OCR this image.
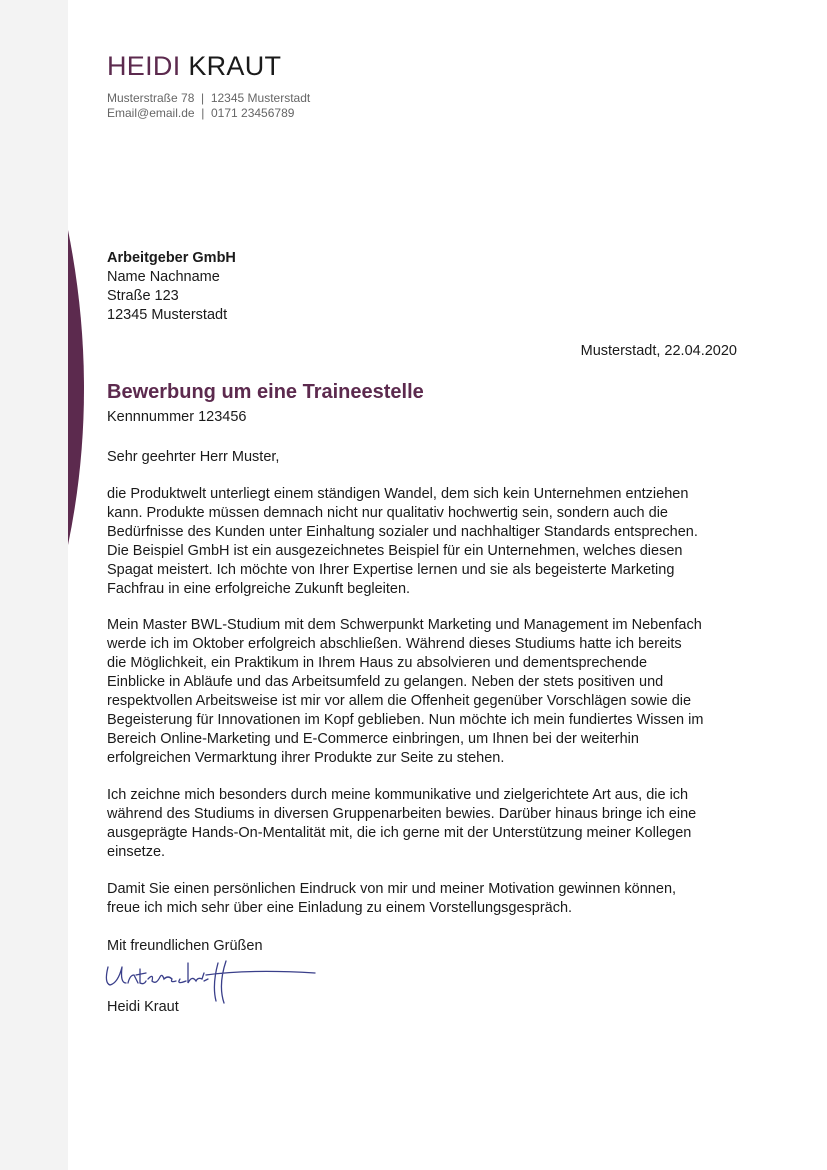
HEIDI KRAUT
Musterstraße 78  |  12345 Musterstadt
Email@email.de  |  0171 23456789
Arbeitgeber GmbH
Name Nachname
Straße 123
12345 Musterstadt
Musterstadt, 22.04.2020
Bewerbung um eine Traineestelle
Kennnummer 123456
Sehr geehrter Herr Muster,
die Produktwelt unterliegt einem ständigen Wandel, dem sich kein Unternehmen entziehen
kann. Produkte müssen demnach nicht nur qualitativ hochwertig sein, sondern auch die
Bedürfnisse des Kunden unter Einhaltung sozialer und nachhaltiger Standards entsprechen.
Die Beispiel GmbH ist ein ausgezeichnetes Beispiel für ein Unternehmen, welches diesen
Spagat meistert. Ich möchte von Ihrer Expertise lernen und sie als begeisterte Marketing
Fachfrau in eine erfolgreiche Zukunft begleiten.
Mein Master BWL-Studium mit dem Schwerpunkt Marketing und Management im Nebenfach
werde ich im Oktober erfolgreich abschließen. Während dieses Studiums hatte ich bereits
die Möglichkeit, ein Praktikum in Ihrem Haus zu absolvieren und dementsprechende
Einblicke in Abläufe und das Arbeitsumfeld zu gelangen. Neben der stets positiven und
respektvollen Arbeitsweise ist mir vor allem die Offenheit gegenüber Vorschlägen sowie die
Begeisterung für Innovationen im Kopf geblieben. Nun möchte ich mein fundiertes Wissen im
Bereich Online-Marketing und E-Commerce einbringen, um Ihnen bei der weiterhin
erfolgreichen Vermarktung ihrer Produkte zur Seite zu stehen.
Ich zeichne mich besonders durch meine kommunikative und zielgerichtete Art aus, die ich
während des Studiums in diversen Gruppenarbeiten bewies. Darüber hinaus bringe ich eine
ausgeprägte Hands-On-Mentalität mit, die ich gerne mit der Unterstützung meiner Kollegen
einsetze.
Damit Sie einen persönlichen Eindruck von mir und meiner Motivation gewinnen können,
freue ich mich sehr über eine Einladung zu einem Vorstellungsgespräch.
Mit freundlichen Grüßen
Heidi Kraut
